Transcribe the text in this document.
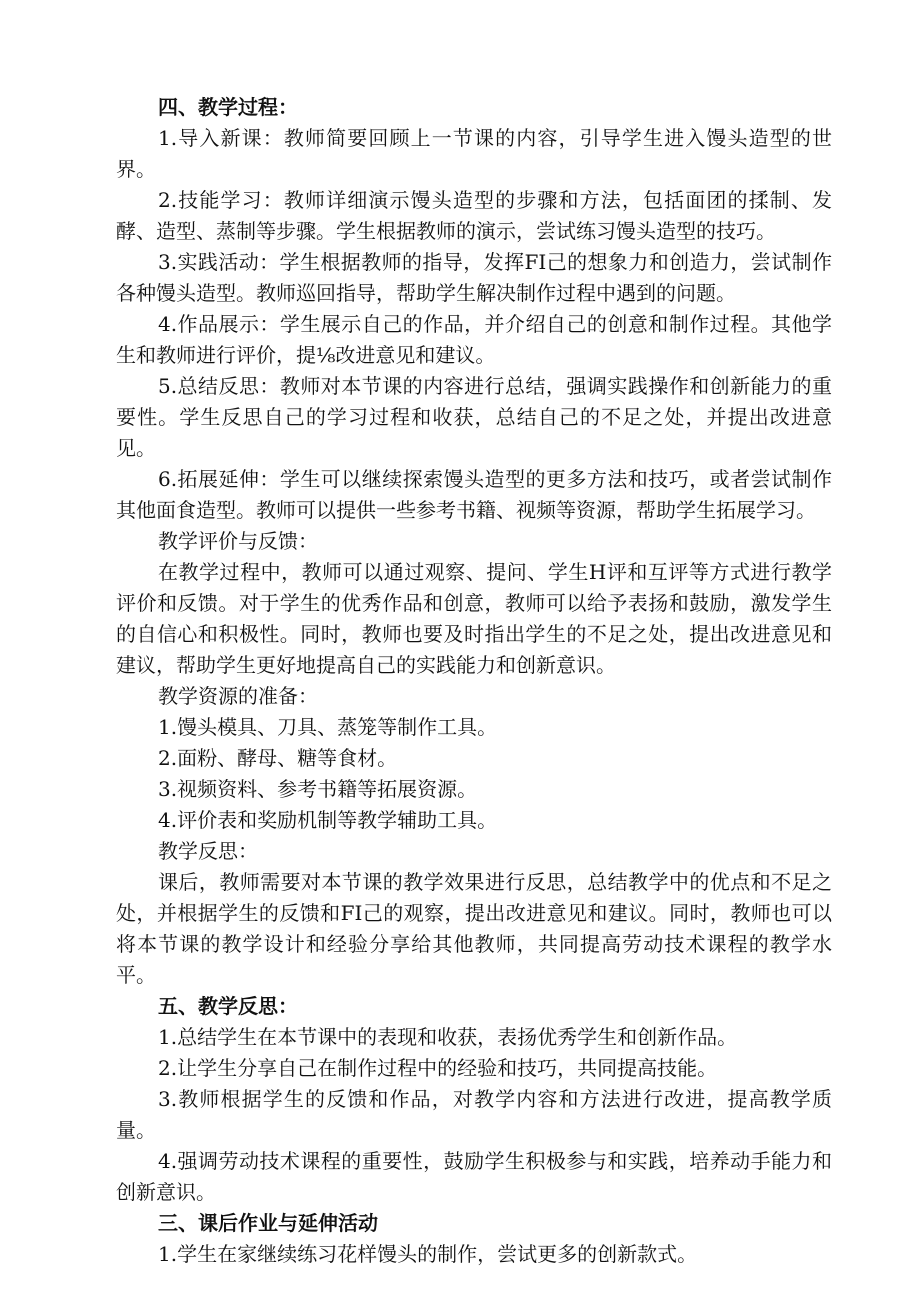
四、教学过程：

1.导入新课：教师简要回顾上一节课的内容，引导学生进入馒头造型的世界。

2.技能学习：教师详细演示馒头造型的步骤和方法，包括面团的揉制、发酵、造型、蒸制等步骤。学生根据教师的演示，尝试练习馒头造型的技巧。

3.实践活动：学生根据教师的指导，发挥FI己的想象力和创造力，尝试制作各种馒头造型。教师巡回指导，帮助学生解决制作过程中遇到的问题。

4.作品展示：学生展示自己的作品，并介绍自己的创意和制作过程。其他学生和教师进行评价，提⅛改进意见和建议。

5.总结反思：教师对本节课的内容进行总结，强调实践操作和创新能力的重要性。学生反思自己的学习过程和收获，总结自己的不足之处，并提出改进意见。

6.拓展延伸：学生可以继续探索馒头造型的更多方法和技巧，或者尝试制作其他面食造型。教师可以提供一些参考书籍、视频等资源，帮助学生拓展学习。

教学评价与反馈：

在教学过程中，教师可以通过观察、提问、学生H评和互评等方式进行教学评价和反馈。对于学生的优秀作品和创意，教师可以给予表扬和鼓励，激发学生的自信心和积极性。同时，教师也要及时指出学生的不足之处，提出改进意见和建议，帮助学生更好地提高自己的实践能力和创新意识。

教学资源的准备：

1.馒头模具、刀具、蒸笼等制作工具。

2.面粉、酵母、糖等食材。

3.视频资料、参考书籍等拓展资源。

4.评价表和奖励机制等教学辅助工具。

教学反思：

课后，教师需要对本节课的教学效果进行反思，总结教学中的优点和不足之处，并根据学生的反馈和FI己的观察，提出改进意见和建议。同时，教师也可以将本节课的教学设计和经验分享给其他教师，共同提高劳动技术课程的教学水平。

五、教学反思：

1.总结学生在本节课中的表现和收获，表扬优秀学生和创新作品。

2.让学生分享自己在制作过程中的经验和技巧，共同提高技能。

3.教师根据学生的反馈和作品，对教学内容和方法进行改进，提高教学质量。

4.强调劳动技术课程的重要性，鼓励学生积极参与和实践，培养动手能力和创新意识。

三、课后作业与延伸活动

1.学生在家继续练习花样馒头的制作，尝试更多的创新款式。
